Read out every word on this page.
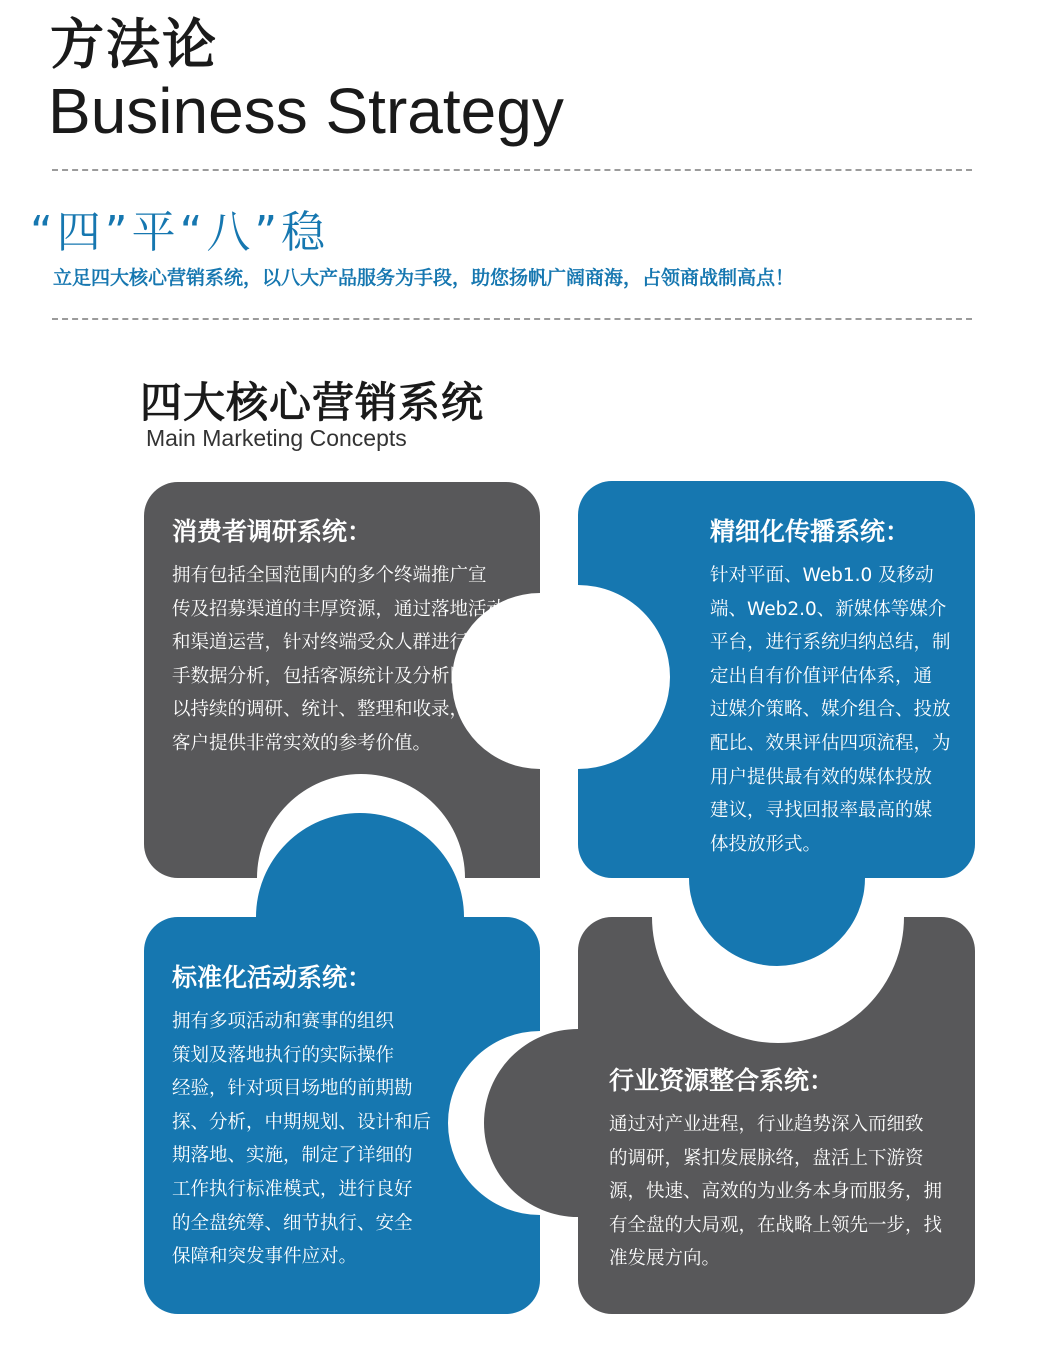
方法论
Business Strategy
“四”平“八”稳
立足四大核心营销系统，以八大产品服务为手段，助您扬帆广阔商海，占领商战制高点！
四大核心营销系统
Main Marketing Concepts
消费者调研系统：
拥有包括全国范围内的多个终端推广宣
传及招募渠道的丰厚资源，通过落地活动
和渠道运营，针对终端受众人群进行第一
手数据分析，包括客源统计及分析图谱，
以持续的调研、统计、整理和收录，为目标
客户提供非常实效的参考价值。
精细化传播系统：
针对平面、Web1.0 及移动
端、Web2.0、新媒体等媒介
平台，进行系统归纳总结，制
定出自有价值评估体系，通
过媒介策略、媒介组合、投放
配比、效果评估四项流程，为
用户提供最有效的媒体投放
建议，寻找回报率最高的媒
体投放形式。
标准化活动系统：
拥有多项活动和赛事的组织
策划及落地执行的实际操作
经验，针对项目场地的前期勘
探、分析，中期规划、设计和后
期落地、实施，制定了详细的
工作执行标准模式，进行良好
的全盘统筹、细节执行、安全
保障和突发事件应对。
行业资源整合系统：
通过对产业进程，行业趋势深入而细致
的调研，紧扣发展脉络，盘活上下游资
源，快速、高效的为业务本身而服务，拥
有全盘的大局观，在战略上领先一步，找
准发展方向。
